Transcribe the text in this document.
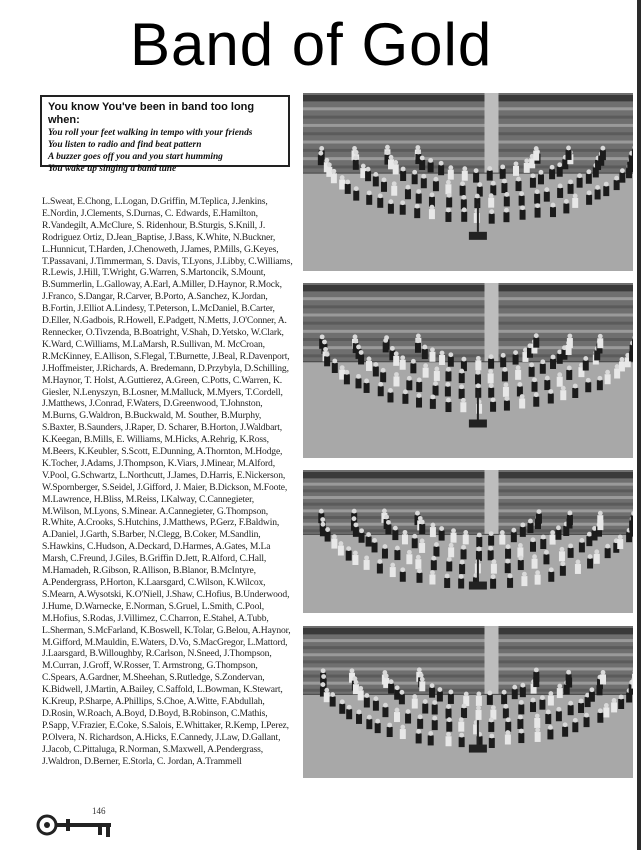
Band of Gold
You know You've been in band too long when:
You roll your feet walking in tempo with your friends
You listen to radio and find beat pattern
A buzzer goes off you and you start humming
You wake up singing a band tune

L.Sweat, E.Chong, L.Logan, D.Griffin, M.Teplica, J.Jenkins, E.Nordin, J.Clements, S.Durnas, C. Edwards, E.Hamilton, R.Vandegilt, A.McClure, S. Ridenhour, B.Sturgis, S.Knill, J. Rodriguez Ortiz, D.Jean_Baptise, J.Bass, K.White, N.Buckner, L.Hunnicut, T.Harden, J.Chenoweth, J.James, P.Mills, G.Keyes, T.Passavani, J.Timmerman, S. Davis, T.Lyons, J.Libby, C.Williams, R.Lewis, J.Hill, T.Wright, G.Warren, S.Martoncik, S.Mount, B.Summerlin, L.Galloway, A.Earl, A.Miller, D.Haynor, R.Mock, J.Franco, S.Dangar, R.Carver, B.Porto, A.Sanchez, K.Jordan, B.Fortin, J.Elliot A.Lindesy, T.Peterson, L.McDaniel, B.Carter, D.Eller, N.Gadbois, R.Howell, E.Padgett, N.Metts, J.O'Conner, A. Rennecker, O.Tivzenda, B.Boatright, V.Shah, D.Yetsko, W.Clark, K.Ward, C.Williams, M.LaMarsh, R.Sullivan, M. McCroan, R.McKinney, E.Allison, S.Flegal, T.Burnette, J.Beal, R.Davenport, J.Hoffmeister, J.Richards, A. Bredemann, D.Przybyla, D.Schilling, M.Haynor, T. Holst, A.Guttierez, A.Green, C.Potts, C.Warren, K. Giesler, N.Lenyszyn, B.Losner, M.Malluck, M.Myers, T.Cordell, J.Matthews, J.Conrad, F.Waters, D.Greenwood, T.Johnston, M.Burns, G.Waldron, B.Buckwald, M. Souther, B.Murphy, S.Baxter, B.Saunders, J.Raper, D. Scharer, B.Horton, J.Waldbart, K.Keegan, B.Mills, E. Williams, M.Hicks, A.Rehrig, K.Ross, M.Beers, K.Keubler, S.Scott, E.Dunning, A.Thornton, M.Hodge, K.Tocher, J.Adams, J.Thompson, K.Viars, J.Minear, M.Alford, V.Pool, G.Schwartz, L.Northcutt, J.James, D.Harris, E.Nickerson, W.Spornberger, S.Seidel, J.Gifford, J. Maier, B.Dickson, M.Foote, M.Lawrence, H.Bliss, M.Reiss, I.Kalway, C.Cannegieter, M.Wilson, M.Lyons, S.Minear. A.Cannegieter, G.Thompson, R.White, A.Crooks, S.Hutchins, J.Matthews, P.Gerz, F.Baldwin, A.Daniel, J.Garth, S.Barber, N.Clegg, B.Coker, M.Sandlin, S.Hawkins, C.Hudson, A.Deckard, D.Harmes, A.Gates, M.La Marsh, C.Freund, J.Giles, B.Griffin D.Jett, R.Alford, C.Hall, M.Hamadeh, R.Gibson, R.Allison, B.Blanor, B.McIntyre, A.Pendergrass, P.Horton, K.Laarsgard, C.Wilson, K.Wilcox, S.Mearn, A.Wysotski, K.O'Niell, J.Shaw, C.Hofius, B.Underwood, J.Hume, D.Warnecke, E.Norman, S.Gruel, L.Smith, C.Pool, M.Hofius, S.Rodas, J.Villimez, C.Charron, E.Stahel, A.Tubb, L.Sherman, S.McFarland, K.Boswell, K.Tolar, G.Belou, A.Haynor, M.Gifford, M.Mauldin, E.Waters, D.Vo, S.MacGregor, L.Mattord, J.Laarsgard, B.Willoughby, R.Carlson, N.Sneed, J.Thompson, M.Curran, J.Groff, W.Rosser, T. Armstrong, G.Thompson, C.Spears, A.Gardner, M.Sheehan, S.Rutledge, S.Zondervan, K.Bidwell, J.Martin, A.Bailey, C.Saffold, L.Bowman, K.Stewart, K.Kreup, P.Sharpe, A.Phillips, S.Choe, A.Witte, F.Abdullah, D.Rosin, W.Roach, A.Boyd, D.Boyd, B.Robinson, C.Mathis, P.Sapp, V.Frazier, E.Coke, S.Salois, E.Whittaker, R.Kemp, I.Perez, P.Olvera, N. Richardson, A.Hicks, E.Cannedy, J.Law, D.Gallant, J.Jacob, C.Pittaluga, R.Norman, S.Maxwell, A.Pendergrass, J.Waldron, D.Berner, E.Storla, C. Jordan, A.Trammell

146
